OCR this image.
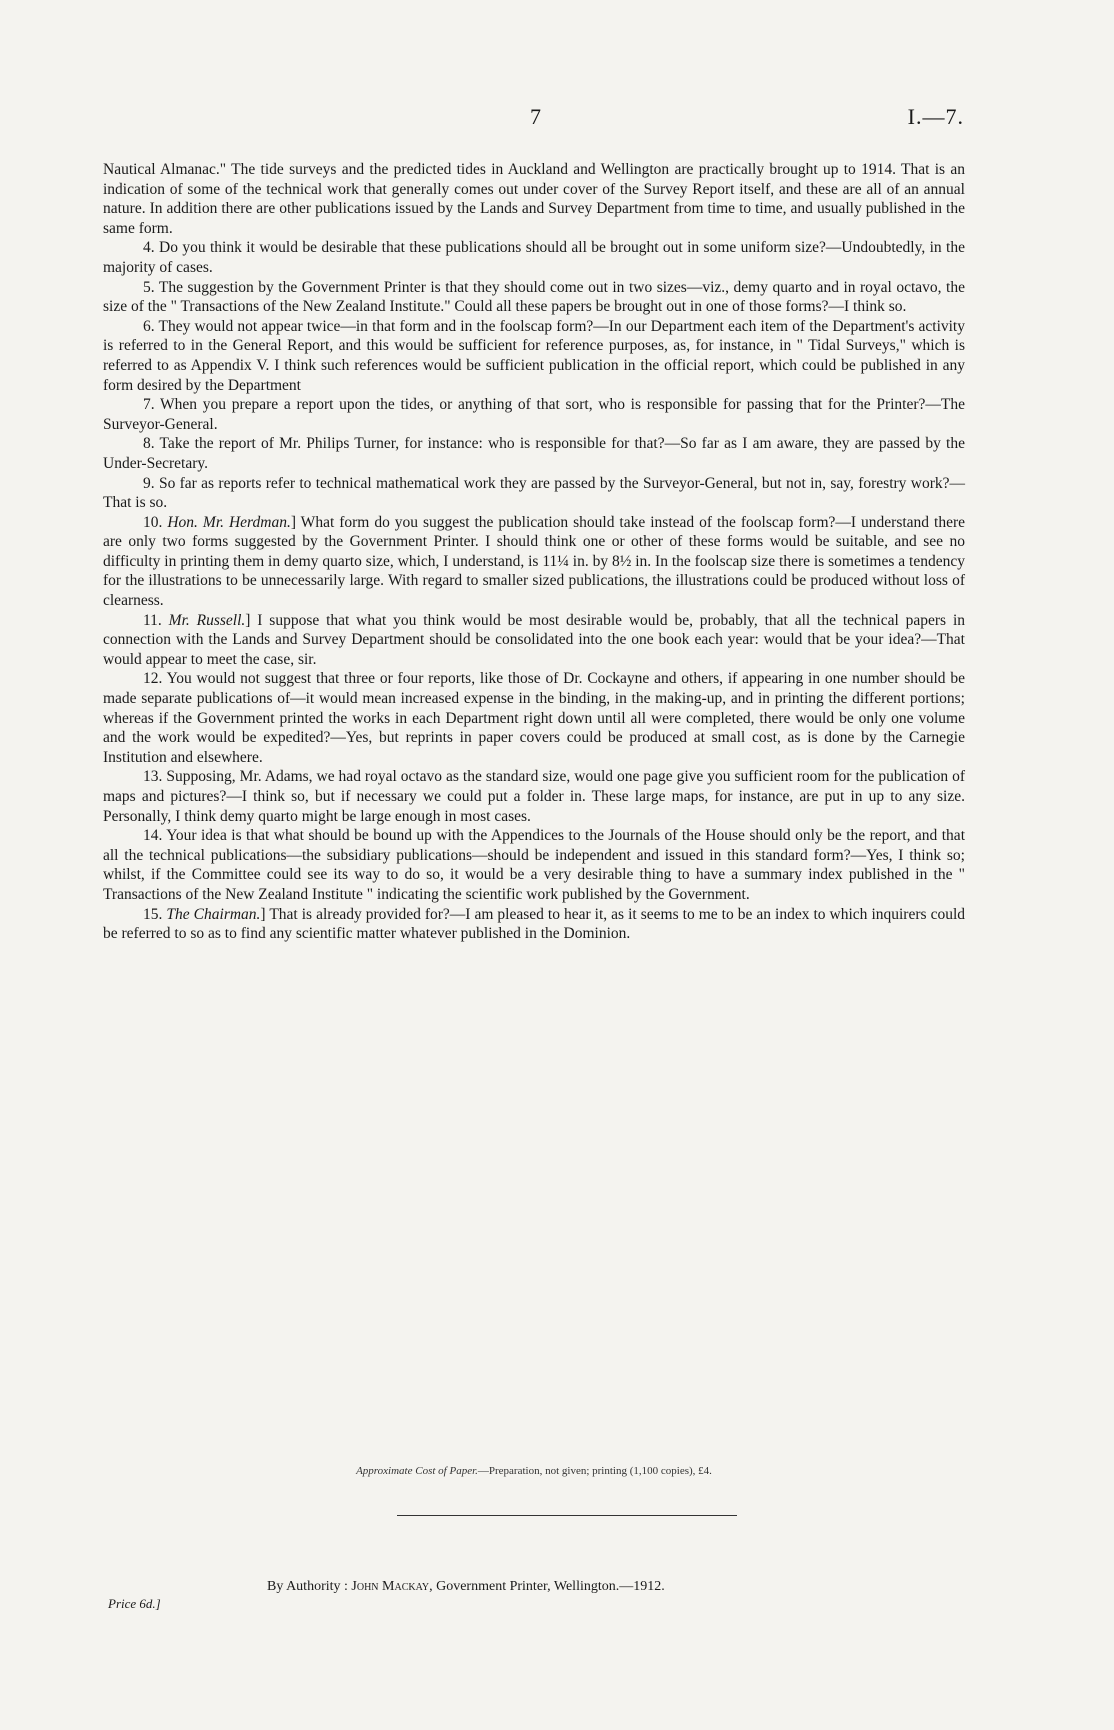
7	I.—7.

Nautical Almanac." The tide surveys and the predicted tides in Auckland and Wellington are practically brought up to 1914. That is an indication of some of the technical work that generally comes out under cover of the Survey Report itself, and these are all of an annual nature. In addition there are other publications issued by the Lands and Survey Department from time to time, and usually published in the same form.

4. Do you think it would be desirable that these publications should all be brought out in some uniform size?—Undoubtedly, in the majority of cases.

5. The suggestion by the Government Printer is that they should come out in two sizes—viz., demy quarto and in royal octavo, the size of the " Transactions of the New Zealand Institute." Could all these papers be brought out in one of those forms?—I think so.

6. They would not appear twice—in that form and in the foolscap form?—In our Department each item of the Department's activity is referred to in the General Report, and this would be sufficient for reference purposes, as, for instance, in " Tidal Surveys," which is referred to as Appendix V. I think such references would be sufficient publication in the official report, which could be published in any form desired by the Department

7. When you prepare a report upon the tides, or anything of that sort, who is responsible for passing that for the Printer?—The Surveyor-General.

8. Take the report of Mr. Philips Turner, for instance: who is responsible for that?—So far as I am aware, they are passed by the Under-Secretary.

9. So far as reports refer to technical mathematical work they are passed by the Surveyor-General, but not in, say, forestry work?—That is so.

10. Hon. Mr. Herdman.] What form do you suggest the publication should take instead of the foolscap form?—I understand there are only two forms suggested by the Government Printer. I should think one or other of these forms would be suitable, and see no difficulty in printing them in demy quarto size, which, I understand, is 11¼ in. by 8½ in. In the foolscap size there is sometimes a tendency for the illustrations to be unnecessarily large. With regard to smaller sized publications, the illustrations could be produced without loss of clearness.

11. Mr. Russell.] I suppose that what you think would be most desirable would be, probably, that all the technical papers in connection with the Lands and Survey Department should be consolidated into the one book each year: would that be your idea?—That would appear to meet the case, sir.

12. You would not suggest that three or four reports, like those of Dr. Cockayne and others, if appearing in one number should be made separate publications of—it would mean increased expense in the binding, in the making-up, and in printing the different portions; whereas if the Government printed the works in each Department right down until all were completed, there would be only one volume and the work would be expedited?—Yes, but reprints in paper covers could be produced at small cost, as is done by the Carnegie Institution and elsewhere.

13. Supposing, Mr. Adams, we had royal octavo as the standard size, would one page give you sufficient room for the publication of maps and pictures?—I think so, but if necessary we could put a folder in. These large maps, for instance, are put in up to any size. Personally, I think demy quarto might be large enough in most cases.

14. Your idea is that what should be bound up with the Appendices to the Journals of the House should only be the report, and that all the technical publications—the subsidiary publications—should be independent and issued in this standard form?—Yes, I think so; whilst, if the Committee could see its way to do so, it would be a very desirable thing to have a summary index published in the " Transactions of the New Zealand Institute " indicating the scientific work published by the Government.

15. The Chairman.] That is already provided for?—I am pleased to hear it, as it seems to me to be an index to which inquirers could be referred to so as to find any scientific matter whatever published in the Dominion.

Approximate Cost of Paper.—Preparation, not given; printing (1,100 copies), £4.
Price 6d.]
By Authority : John Mackay, Government Printer, Wellington.—1912.
